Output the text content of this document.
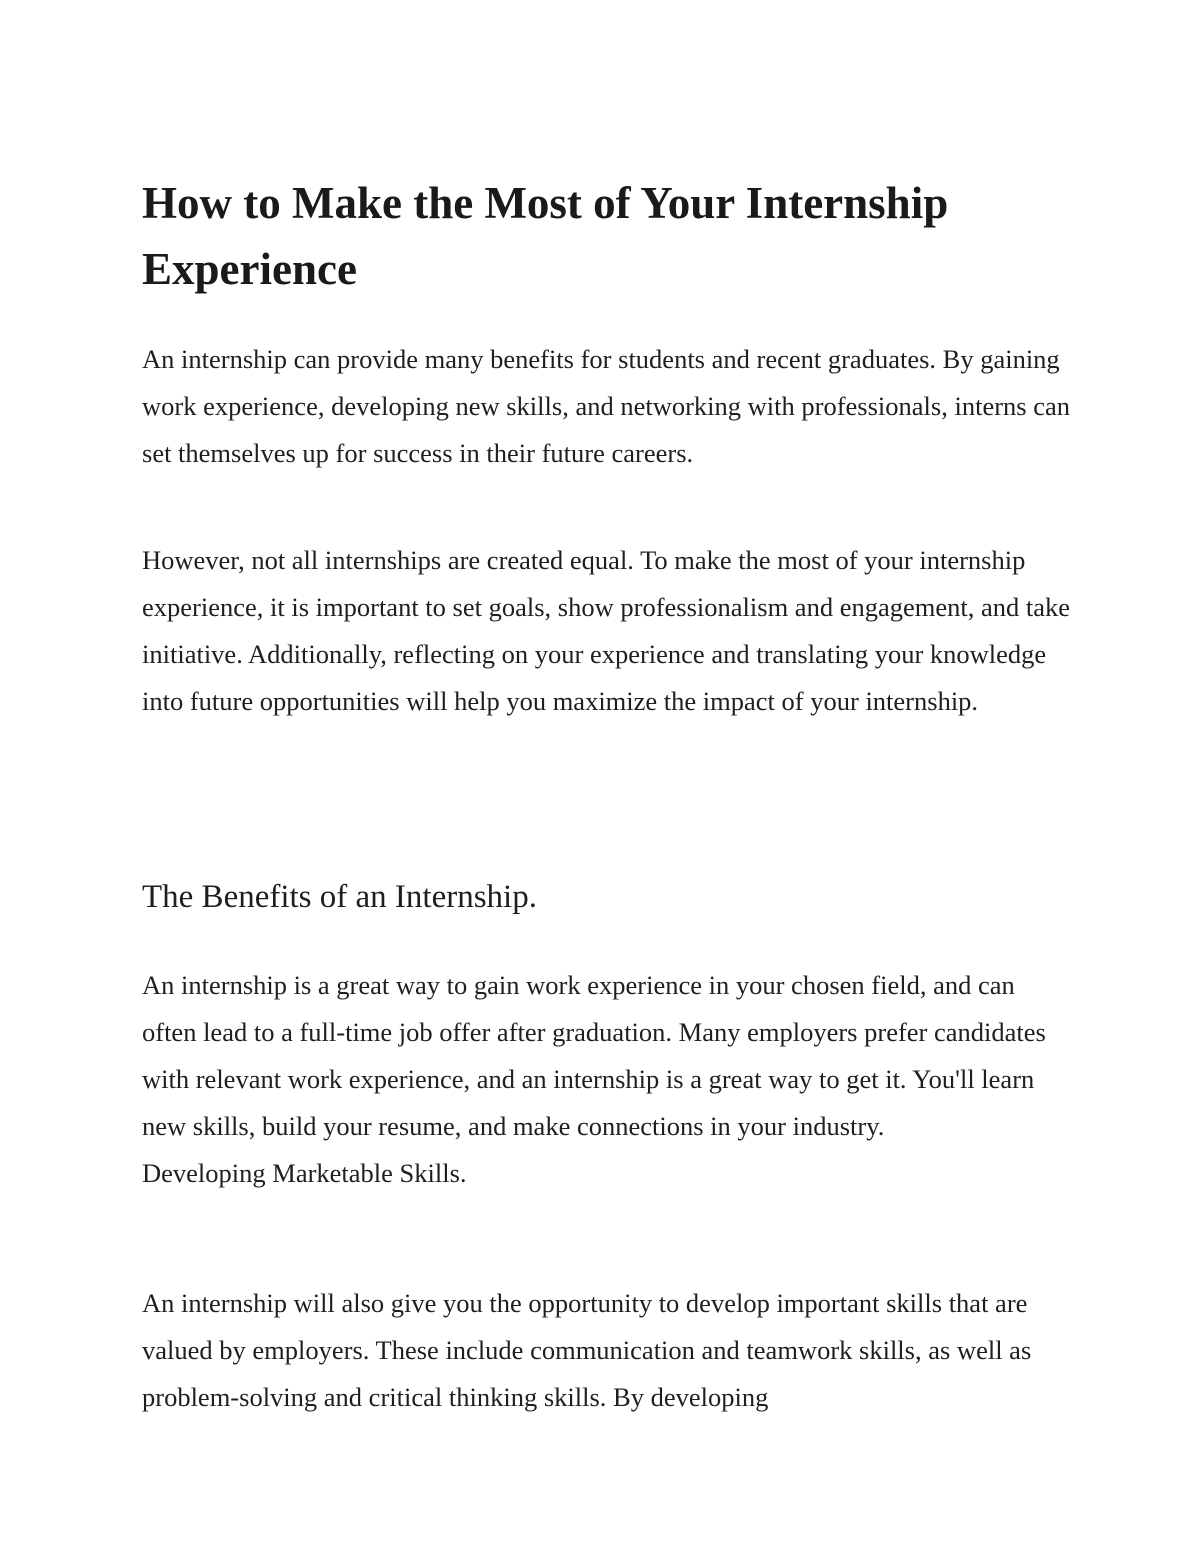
How to Make the Most of Your Internship Experience

An internship can provide many benefits for students and recent graduates. By gaining work experience, developing new skills, and networking with professionals, interns can set themselves up for success in their future careers.

However, not all internships are created equal. To make the most of your internship experience, it is important to set goals, show professionalism and engagement, and take initiative. Additionally, reflecting on your experience and translating your knowledge into future opportunities will help you maximize the impact of your internship.

The Benefits of an Internship.
An internship is a great way to gain work experience in your chosen field, and can often lead to a full-time job offer after graduation. Many employers prefer candidates with relevant work experience, and an internship is a great way to get it. You'll learn new skills, build your resume, and make connections in your industry.
Developing Marketable Skills.

An internship will also give you the opportunity to develop important skills that are valued by employers. These include communication and teamwork skills, as well as problem-solving and critical thinking skills. By developing
